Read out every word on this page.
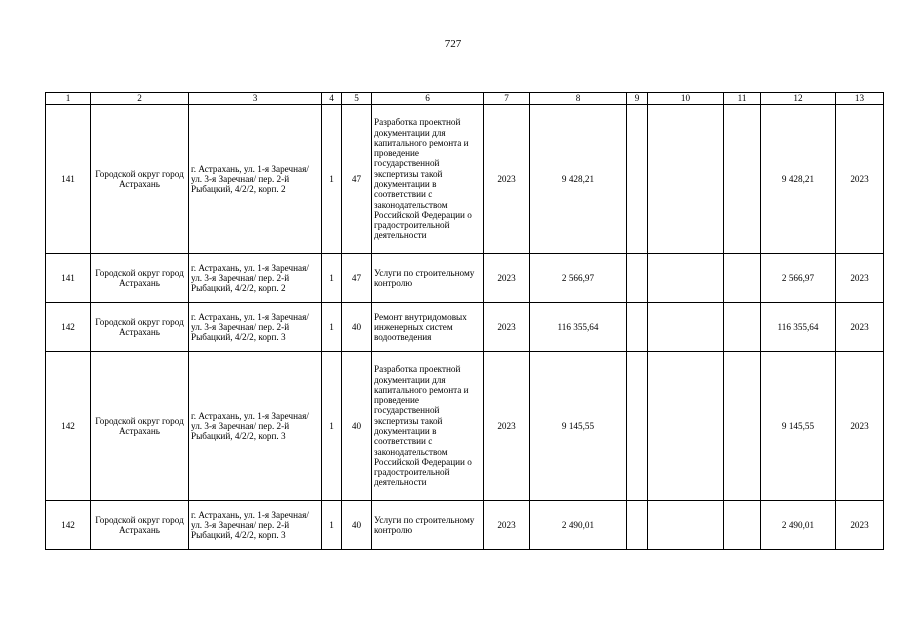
727
1	2	3	4	5	6	7	8	9	10	11	12	13
141	Городской округ город Астрахань	г. Астрахань, ул. 1-я Заречная/ ул. 3-я Заречная/ пер. 2-й Рыбацкий, 4/2/2, корп. 2	1	47	Разработка проектной документации для капитального ремонта и проведение государственной экспертизы такой документации в соответствии с законодательством Российской Федерации о градостроительной деятельности	2023	9 428,21				9 428,21	2023
141	Городской округ город Астрахань	г. Астрахань, ул. 1-я Заречная/ ул. 3-я Заречная/ пер. 2-й Рыбацкий, 4/2/2, корп. 2	1	47	Услуги по строительному контролю	2023	2 566,97				2 566,97	2023
142	Городской округ город Астрахань	г. Астрахань, ул. 1-я Заречная/ ул. 3-я Заречная/ пер. 2-й Рыбацкий, 4/2/2, корп. 3	1	40	Ремонт внутридомовых инженерных систем водоотведения	2023	116 355,64				116 355,64	2023
142	Городской округ город Астрахань	г. Астрахань, ул. 1-я Заречная/ ул. 3-я Заречная/ пер. 2-й Рыбацкий, 4/2/2, корп. 3	1	40	Разработка проектной документации для капитального ремонта и проведение государственной экспертизы такой документации в соответствии с законодательством Российской Федерации о градостроительной деятельности	2023	9 145,55				9 145,55	2023
142	Городской округ город Астрахань	г. Астрахань, ул. 1-я Заречная/ ул. 3-я Заречная/ пер. 2-й Рыбацкий, 4/2/2, корп. 3	1	40	Услуги по строительному контролю	2023	2 490,01				2 490,01	2023
